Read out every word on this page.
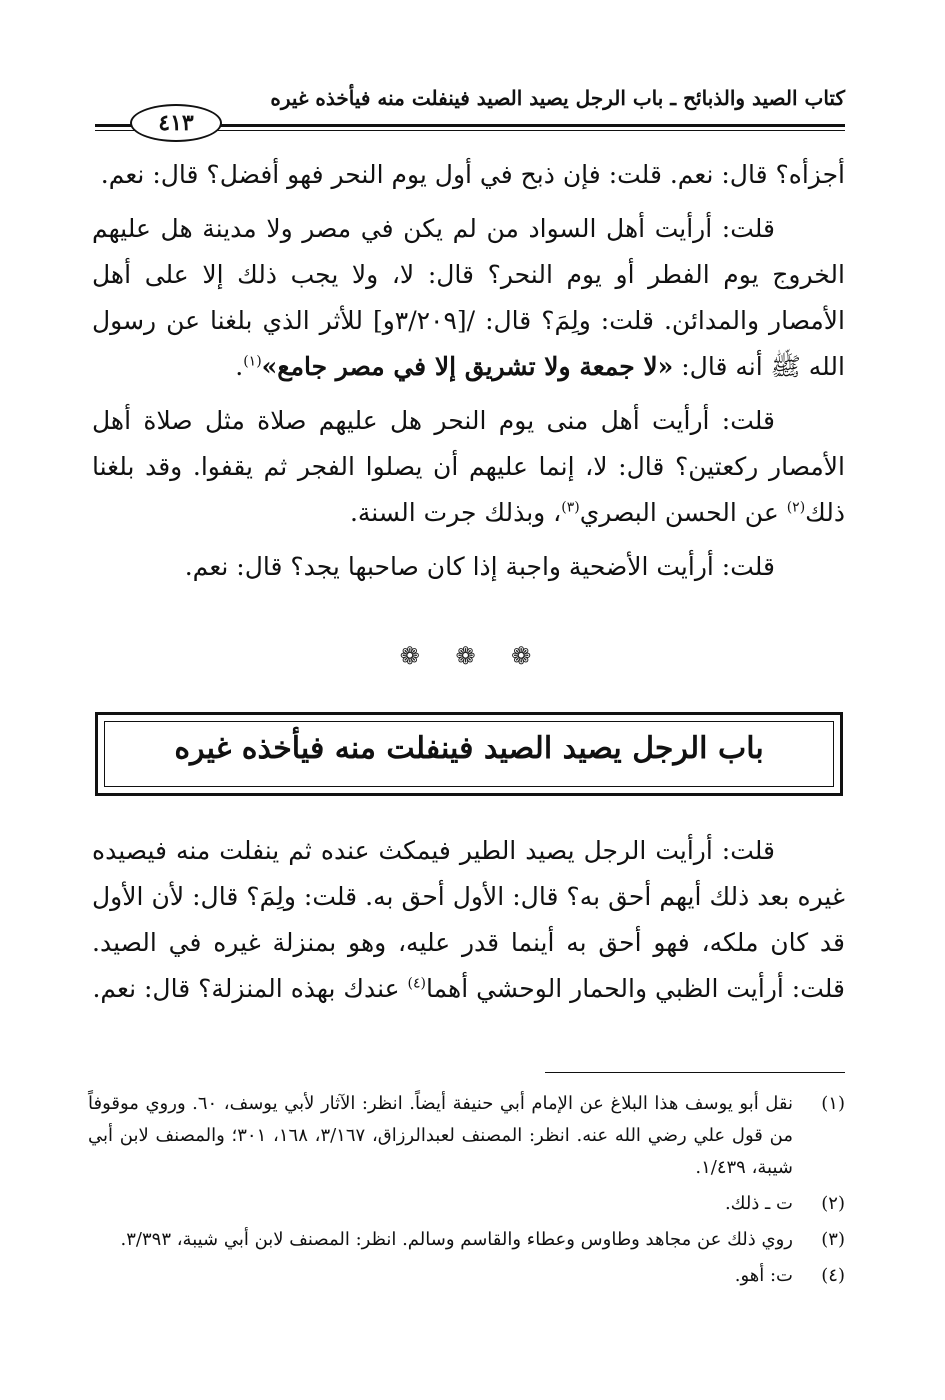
كتاب الصيد والذبائح ـ باب الرجل يصيد الصيد فينفلت منه فيأخذه غيره
٤١٣

أجزأه؟ قال: نعم. قلت: فإن ذبح في أول يوم النحر فهو أفضل؟ قال: نعم.

قلت: أرأيت أهل السواد من لم يكن في مصر ولا مدينة هل عليهم الخروج يوم الفطر أو يوم النحر؟ قال: لا، ولا يجب ذلك إلا على أهل الأمصار والمدائن. قلت: ولِمَ؟ قال: /[٣/٢٠٩و] للأثر الذي بلغنا عن رسول الله ﷺ أنه قال: «لا جمعة ولا تشريق إلا في مصر جامع»$^{(١)}$.

قلت: أرأيت أهل منى يوم النحر هل عليهم صلاة مثل صلاة أهل الأمصار ركعتين؟ قال: لا، إنما عليهم أن يصلوا الفجر ثم يقفوا. وقد بلغنا ذلك$^{(٢)}$ عن الحسن البصري$^{(٣)}$، وبذلك جرت السنة.

قلت: أرأيت الأضحية واجبة إذا كان صاحبها يجد؟ قال: نعم.

❁ ❁ ❁
باب الرجل يصيد الصيد فينفلت منه فيأخذه غيره

قلت: أرأيت الرجل يصيد الطير فيمكث عنده ثم ينفلت منه فيصيده غيره بعد ذلك أيهم أحق به؟ قال: الأول أحق به. قلت: ولِمَ؟ قال: لأن الأول قد كان ملكه، فهو أحق به أينما قدر عليه، وهو بمنزلة غيره في الصيد. قلت: أرأيت الظبي والحمار الوحشي أهما$^{(٤)}$ عندك بهذه المنزلة؟ قال: نعم.

(١)
نقل أبو يوسف هذا البلاغ عن الإمام أبي حنيفة أيضاً. انظر: الآثار لأبي يوسف، ٦٠. وروي موقوفاً من قول علي رضي الله عنه. انظر: المصنف لعبدالرزاق، ٣/١٦٧، ١٦٨، ٣٠١؛ والمصنف لابن أبي شيبة، ١/٤٣٩.
(٢)
ت ـ ذلك.
(٣)
روي ذلك عن مجاهد وطاوس وعطاء والقاسم وسالم. انظر: المصنف لابن أبي شيبة، ٣/٣٩٣.
(٤)
ت: أهو.
